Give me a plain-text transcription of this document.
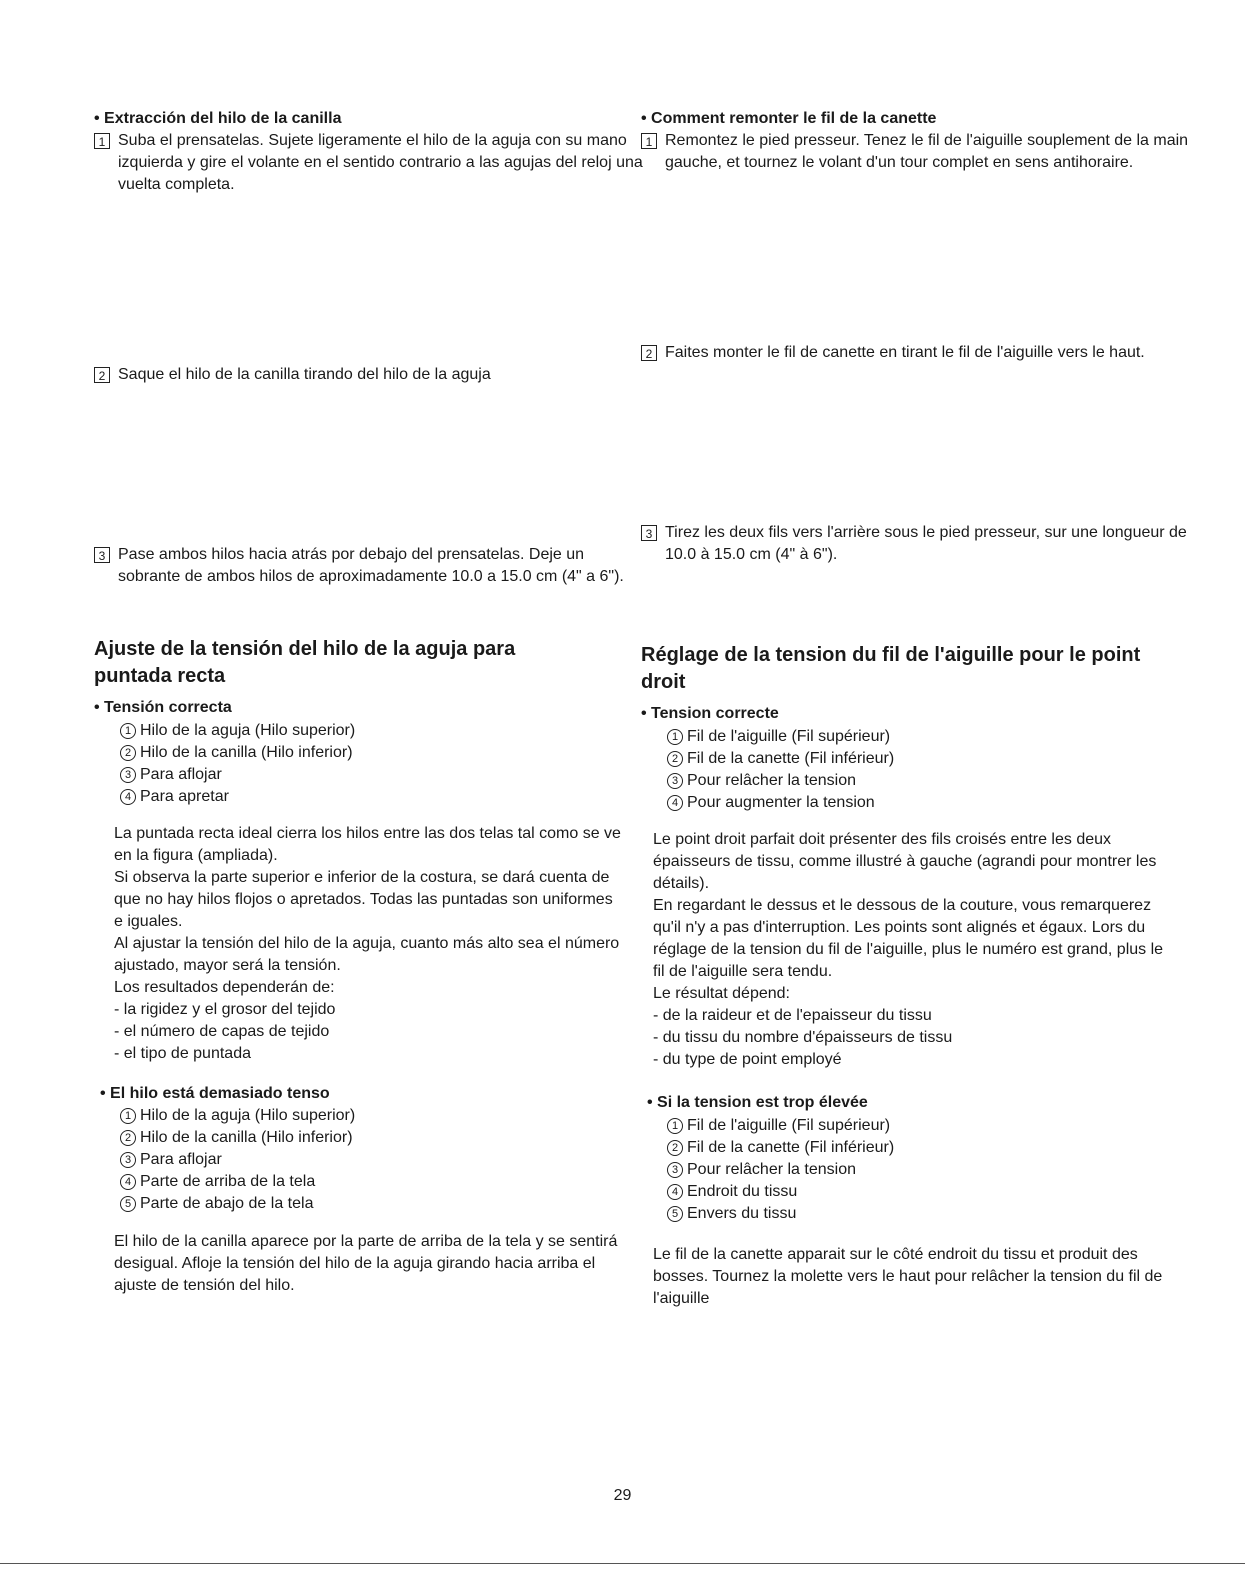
• Extracción del hilo de la canilla
1 Suba el prensatelas. Sujete ligeramente el hilo de la aguja con su mano izquierda y gire el volante en el sentido contrario a las agujas del reloj una vuelta completa.
2 Saque el hilo de la canilla tirando del hilo de la aguja
3 Pase ambos hilos hacia atrás por debajo del prensatelas. Deje un sobrante de ambos hilos de aproximadamente 10.0 a 15.0 cm (4" a 6").
Ajuste de la tensión del hilo de la aguja para puntada recta
• Tensión correcta
1 Hilo de la aguja (Hilo superior)
2 Hilo de la canilla (Hilo inferior)
3 Para aflojar
4 Para apretar
La puntada recta ideal cierra los hilos entre las dos telas tal como se ve en la figura (ampliada).
Si observa la parte superior e inferior de la costura, se dará cuenta de que no hay hilos flojos o apretados. Todas las puntadas son uniformes e iguales.
Al ajustar la tensión del hilo de la aguja, cuanto más alto sea el número ajustado, mayor será la tensión.
Los resultados dependerán de:
- la rigidez y el grosor del tejido
- el número de capas de tejido
- el tipo de puntada
• El hilo está demasiado tenso
1 Hilo de la aguja (Hilo superior)
2 Hilo de la canilla (Hilo inferior)
3 Para aflojar
4 Parte de arriba de la tela
5 Parte de abajo de la tela
El hilo de la canilla aparece por la parte de arriba de la tela y se sentirá desigual. Afloje la tensión del hilo de la aguja girando hacia arriba el ajuste de tensión del hilo.
• Comment remonter le fil de la canette
1 Remontez le pied presseur. Tenez le fil de l'aiguille souplement de la main gauche, et tournez le volant d'un tour complet en sens antihoraire.
2 Faites monter le fil de canette en tirant le fil de l'aiguille vers le haut.
3 Tirez les deux fils vers l'arrière sous le pied presseur, sur une longueur de 10.0 à 15.0 cm (4" à 6").
Réglage de la tension du fil de l'aiguille pour le point droit
• Tension correcte
1 Fil de l'aiguille (Fil supérieur)
2 Fil de la canette (Fil inférieur)
3 Pour relâcher la tension
4 Pour augmenter la tension
Le point droit parfait doit présenter des fils croisés entre les deux épaisseurs de tissu, comme illustré à gauche (agrandi pour montrer les détails).
En regardant le dessus et le dessous de la couture, vous remarquerez qu'il n'y a pas d'interruption. Les points sont alignés et égaux. Lors du réglage de la tension du fil de l'aiguille, plus le numéro est grand, plus le fil de l'aiguille sera tendu.
Le résultat dépend:
- de la raideur et de l'epaisseur du tissu
- du tissu du nombre d'épaisseurs de tissu
- du type de point employé
• Si la tension est trop élevée
1 Fil de l'aiguille (Fil supérieur)
2 Fil de la canette (Fil inférieur)
3 Pour relâcher la tension
4 Endroit du tissu
5 Envers du tissu
Le fil de la canette apparait sur le côté endroit du tissu et produit des bosses. Tournez la molette vers le haut pour relâcher la tension du fil de l'aiguille
29
